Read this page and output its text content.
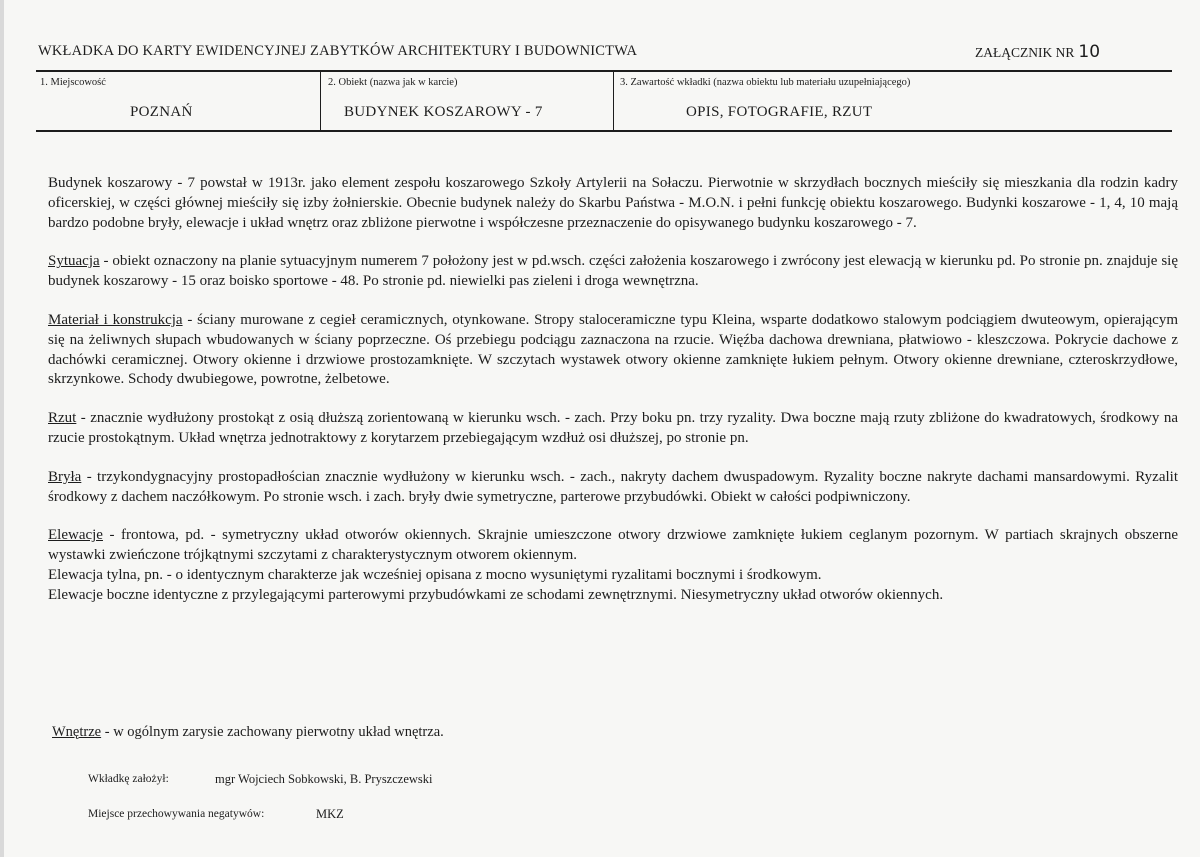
WKŁADKA DO KARTY EWIDENCYJNEJ ZABYTKÓW ARCHITEKTURY I BUDOWNICTWA	ZAŁĄCZNIK NR 10
1. Miejscowość
POZNAŃ
2. Obiekt (nazwa jak w karcie)
BUDYNEK KOSZAROWY - 7
3. Zawartość wkładki (nazwa obiektu lub materiału uzupełniającego)
OPIS, FOTOGRAFIE, RZUT

Budynek koszarowy - 7 powstał w 1913r. jako element zespołu koszarowego Szkoły Artylerii na Sołaczu. Pierwotnie w skrzydłach bocznych mieściły się mieszkania dla rodzin kadry oficerskiej, w części głównej mieściły się izby żołnierskie. Obecnie budynek należy do Skarbu Państwa - M.O.N. i pełni funkcję obiektu koszarowego. Budynki koszarowe - 1, 4, 10 mają bardzo podobne bryły, elewacje i układ wnętrz oraz zbliżone pierwotne i współczesne przeznaczenie do opisywanego budynku koszarowego - 7.

Sytuacja - obiekt oznaczony na planie sytuacyjnym numerem 7 położony jest w pd.wsch. części założenia koszarowego i zwrócony jest elewacją w kierunku pd. Po stronie pn. znajduje się budynek koszarowy - 15 oraz boisko sportowe - 48. Po stronie pd. niewielki pas zieleni i droga wewnętrzna.

Materiał i konstrukcja - ściany murowane z cegieł ceramicznych, otynkowane. Stropy staloceramiczne typu Kleina, wsparte dodatkowo stalowym podciągiem dwuteowym, opierającym się na żeliwnych słupach wbudowanych w ściany poprzeczne. Oś przebiegu podciągu zaznaczona na rzucie. Więźba dachowa drewniana, płatwiowo - kleszczowa. Pokrycie dachowe z dachówki ceramicznej. Otwory okienne i drzwiowe prostozamknięte. W szczytach wystawek otwory okienne zamknięte łukiem pełnym. Otwory okienne drewniane, czteroskrzydłowe, skrzynkowe. Schody dwubiegowe, powrotne, żelbetowe.

Rzut - znacznie wydłużony prostokąt z osią dłuższą zorientowaną w kierunku wsch. - zach. Przy boku pn. trzy ryzality. Dwa boczne mają rzuty zbliżone do kwadratowych, środkowy na rzucie prostokątnym. Układ wnętrza jednotraktowy z korytarzem przebiegającym wzdłuż osi dłuższej, po stronie pn.

Bryła - trzykondygnacyjny prostopadłościan znacznie wydłużony w kierunku wsch. - zach., nakryty dachem dwuspadowym. Ryzality boczne nakryte dachami mansardowymi. Ryzalit środkowy z dachem naczółkowym. Po stronie wsch. i zach. bryły dwie symetryczne, parterowe przybudówki. Obiekt w całości podpiwniczony.

Elewacje - frontowa, pd. - symetryczny układ otworów okiennych. Skrajnie umieszczone otwory drzwiowe zamknięte łukiem ceglanym pozornym. W partiach skrajnych obszerne wystawki zwieńczone trójkątnymi szczytami z charakterystycznym otworem okiennym.

Elewacja tylna, pn. - o identycznym charakterze jak wcześniej opisana z mocno wysuniętymi ryzalitami bocznymi i środkowym.

Elewacje boczne identyczne z przylegającymi parterowymi przybudówkami ze schodami zewnętrznymi. Niesymetryczny układ otworów okiennych.

Wnętrze - w ogólnym zarysie zachowany pierwotny układ wnętrza.
Wkładkę założył:	mgr Wojciech Sobkowski, B. Pryszczewski
Miejsce przechowywania negatywów:	MKZ
